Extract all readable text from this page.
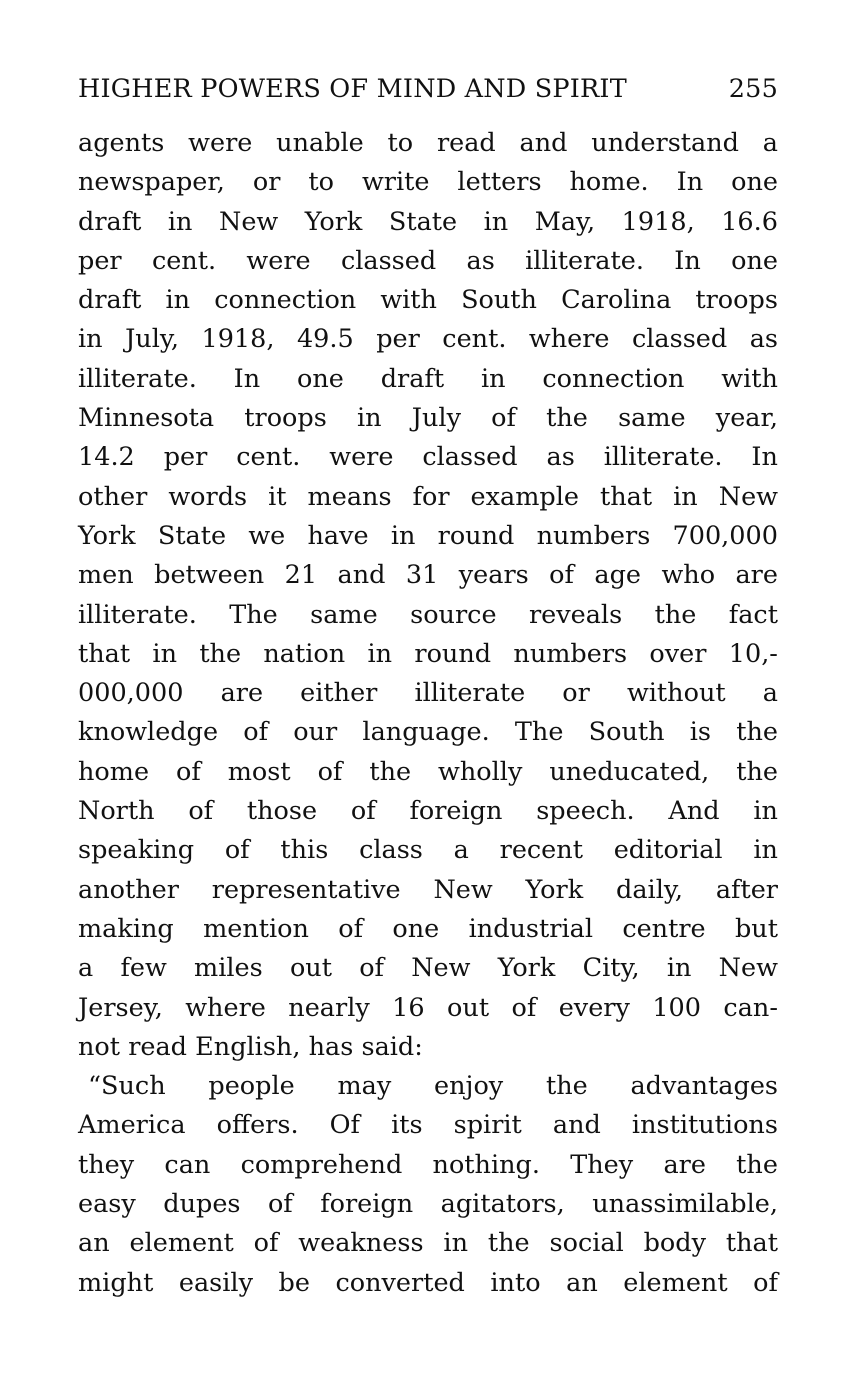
HIGHER POWERS OF MIND AND SPIRIT	255
agents were unable to read and understand a
newspaper, or to write letters home. In one
draft in New York State in May, 1918, 16.6
per cent. were classed as illiterate. In one
draft in connection with South Carolina troops
in July, 1918, 49.5 per cent. where classed as
illiterate. In one draft in connection with
Minnesota troops in July of the same year,
14.2 per cent. were classed as illiterate. In
other words it means for example that in New
York State we have in round numbers 700,000
men between 21 and 31 years of age who are
illiterate. The same source reveals the fact
that in the nation in round numbers over 10,-
000,000 are either illiterate or without a
knowledge of our language. The South is the
home of most of the wholly uneducated, the
North of those of foreign speech. And in
speaking of this class a recent editorial in
another representative New York daily, after
making mention of one industrial centre but
a few miles out of New York City, in New
Jersey, where nearly 16 out of every 100 can-
not read English, has said:
“Such people may enjoy the advantages
America offers. Of its spirit and institutions
they can comprehend nothing. They are the
easy dupes of foreign agitators, unassimilable,
an element of weakness in the social body that
might easily be converted into an element of
